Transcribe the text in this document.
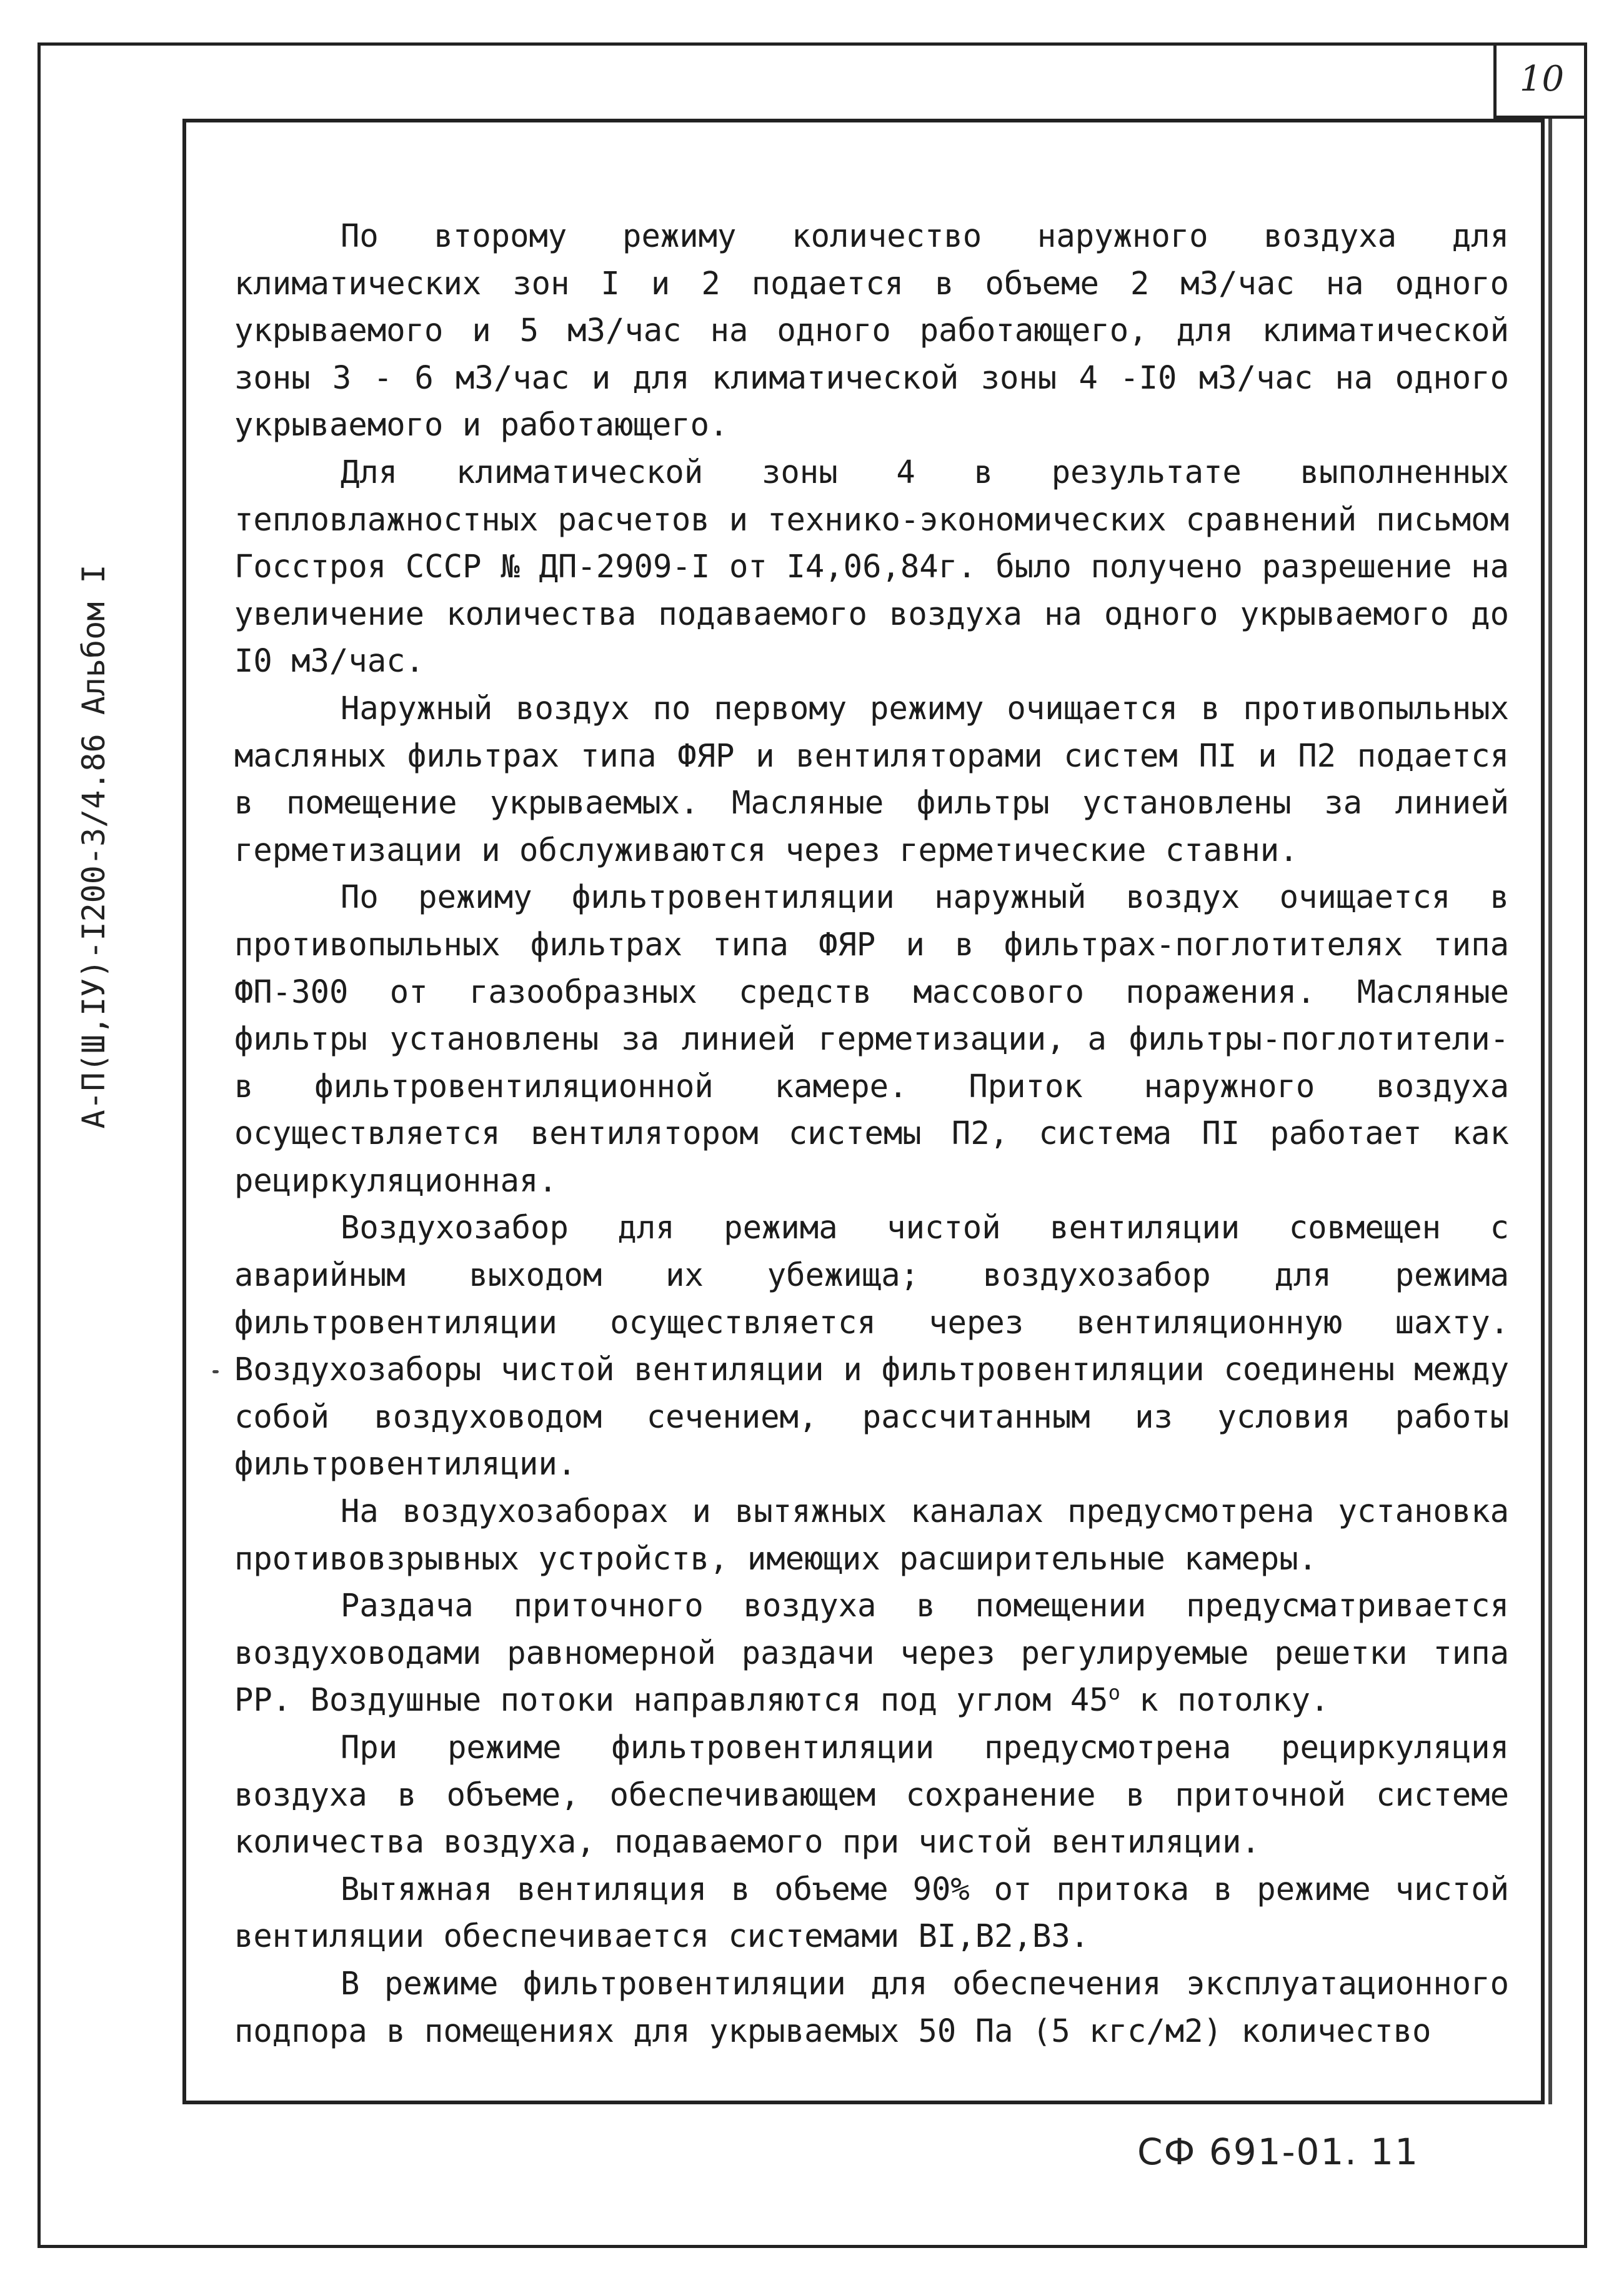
10
А-П(Ш,IУ)-I200-3/4.86 Альбом I

По второму режиму количество наружного воздуха для климатических зон I и 2 подается в объеме 2 м3/час на одного укрываемого и 5 м3/час на одного работающего, для климатической зоны 3 - 6 м3/час и для климатической зоны 4 -I0 м3/час на одного укрываемого и работающего.

Для климатической зоны 4 в результате выполненных тепловлажностных расчетов и технико-экономических сравнений письмом Госстроя СССР № ДП-2909-I от I4,06,84г. было получено разрешение на увеличение количества подаваемого воздуха на одного укрываемого до I0 м3/час.

Наружный воздух по первому режиму очищается в противопыльных масляных фильтрах типа ФЯР и вентиляторами систем ПI и П2 подается в помещение укрываемых. Масляные фильтры установлены за линией герметизации и обслуживаются через герметические ставни.

По режиму фильтровентиляции наружный воздух очищается в противопыльных фильтрах типа ФЯР и в фильтрах-поглотителях типа ФП-300 от газообразных средств массового поражения. Масляные фильтры установлены за линией герметизации, а фильтры-поглотители- в фильтровентиляционной камере. Приток наружного воздуха осуществляется вентилятором системы П2, система ПI работает как рециркуляционная.

Воздухозабор для режима чистой вентиляции совмещен с аварийным выходом их убежища; воздухозабор для режима фильтровентиляции осуществляется через вентиляционную шахту. Воздухозаборы чистой вентиляции и фильтровентиляции соединены между собой воздуховодом сечением, рассчитанным из условия работы фильтровентиляции.

На воздухозаборах и вытяжных каналах предусмотрена установка противовзрывных устройств, имеющих расширительные камеры.

Раздача приточного воздуха в помещении предусматривается воздуховодами равномерной раздачи через регулируемые решетки типа РР. Воздушные потоки направляются под углом $45^о$ к потолку.

При режиме фильтровентиляции предусмотрена рециркуляция воздуха в объеме, обеспечивающем сохранение в приточной системе количества воздуха, подаваемого при чистой вентиляции.

Вытяжная вентиляция в объеме 90% от притока в режиме чистой вентиляции обеспечивается системами ВI,В2,В3.

В режиме фильтровентиляции для обеспечения эксплуатационного подпора в помещениях для укрываемых 50 Па (5 кгс/м2) количество

СФ 691-01. 11
